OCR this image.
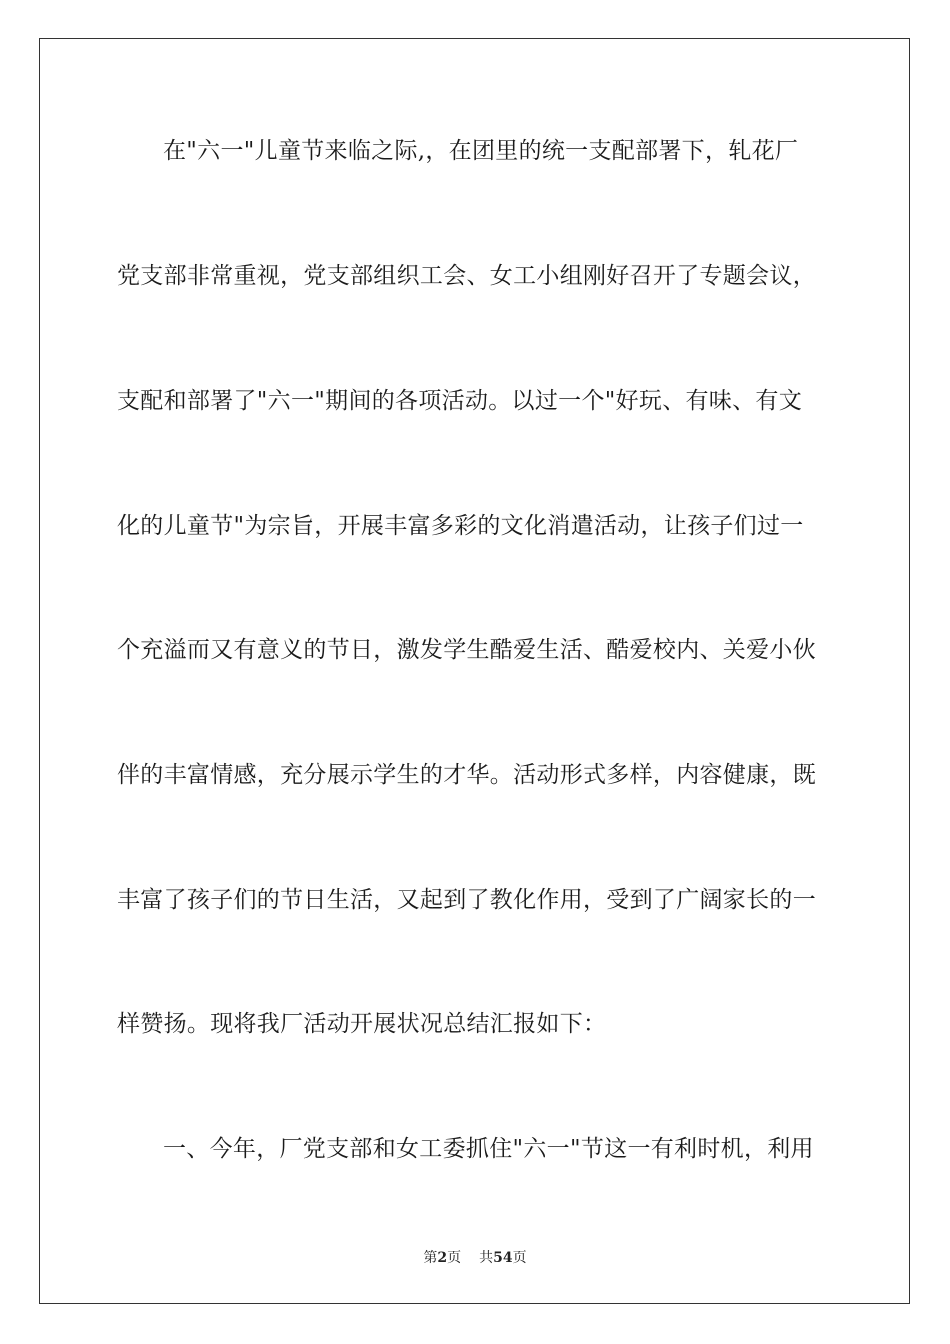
在"六一"儿童节来临之际,，在团里的统一支配部署下，轧花厂
党支部非常重视，党支部组织工会、女工小组刚好召开了专题会议，
支配和部署了"六一"期间的各项活动。以过一个"好玩、有味、有文
化的儿童节"为宗旨，开展丰富多彩的文化消遣活动，让孩子们过一
个充溢而又有意义的节日，激发学生酷爱生活、酷爱校内、关爱小伙
伴的丰富情感，充分展示学生的才华。活动形式多样，内容健康，既
丰富了孩子们的节日生活，又起到了教化作用，受到了广阔家长的一
样赞扬。现将我厂活动开展状况总结汇报如下：
一、今年，厂党支部和女工委抓住"六一"节这一有利时机，利用
第2页 共54页
